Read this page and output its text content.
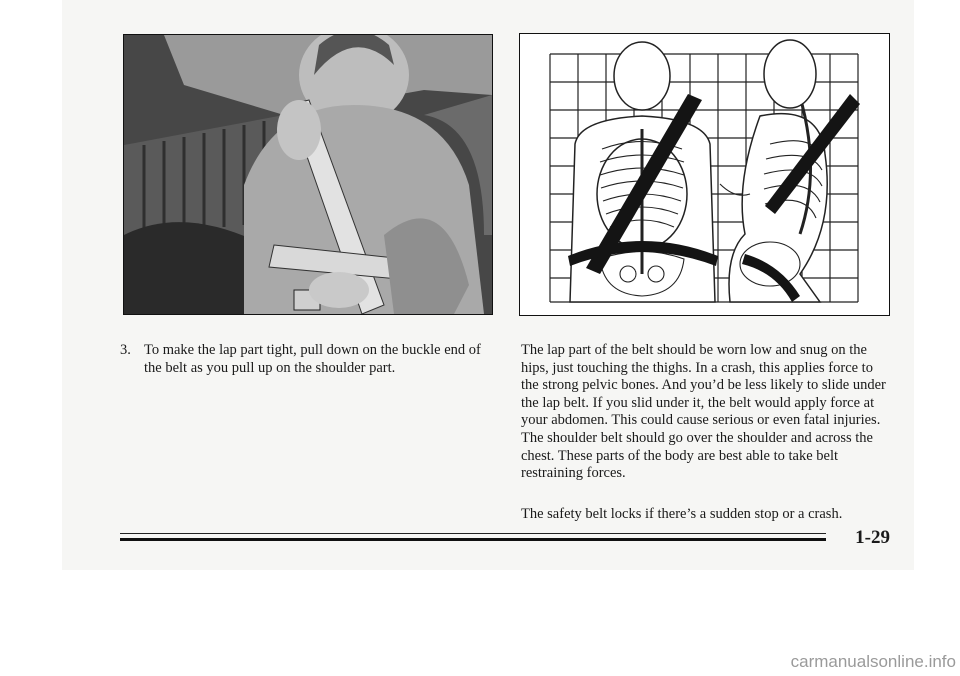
3. To make the lap part tight, pull down on the buckle end of the belt as you pull up on the shoulder part.
The lap part of the belt should be worn low and snug on the hips, just touching the thighs. In a crash, this applies force to the strong pelvic bones. And you’d be less likely to slide under the lap belt. If you slid under it, the belt would apply force at your abdomen. This could cause serious or even fatal injuries. The shoulder belt should go over the shoulder and across the chest. These parts of the body are best able to take belt restraining forces.
The safety belt locks if there’s a sudden stop or a crash.
1-29
carmanualsonline.info
